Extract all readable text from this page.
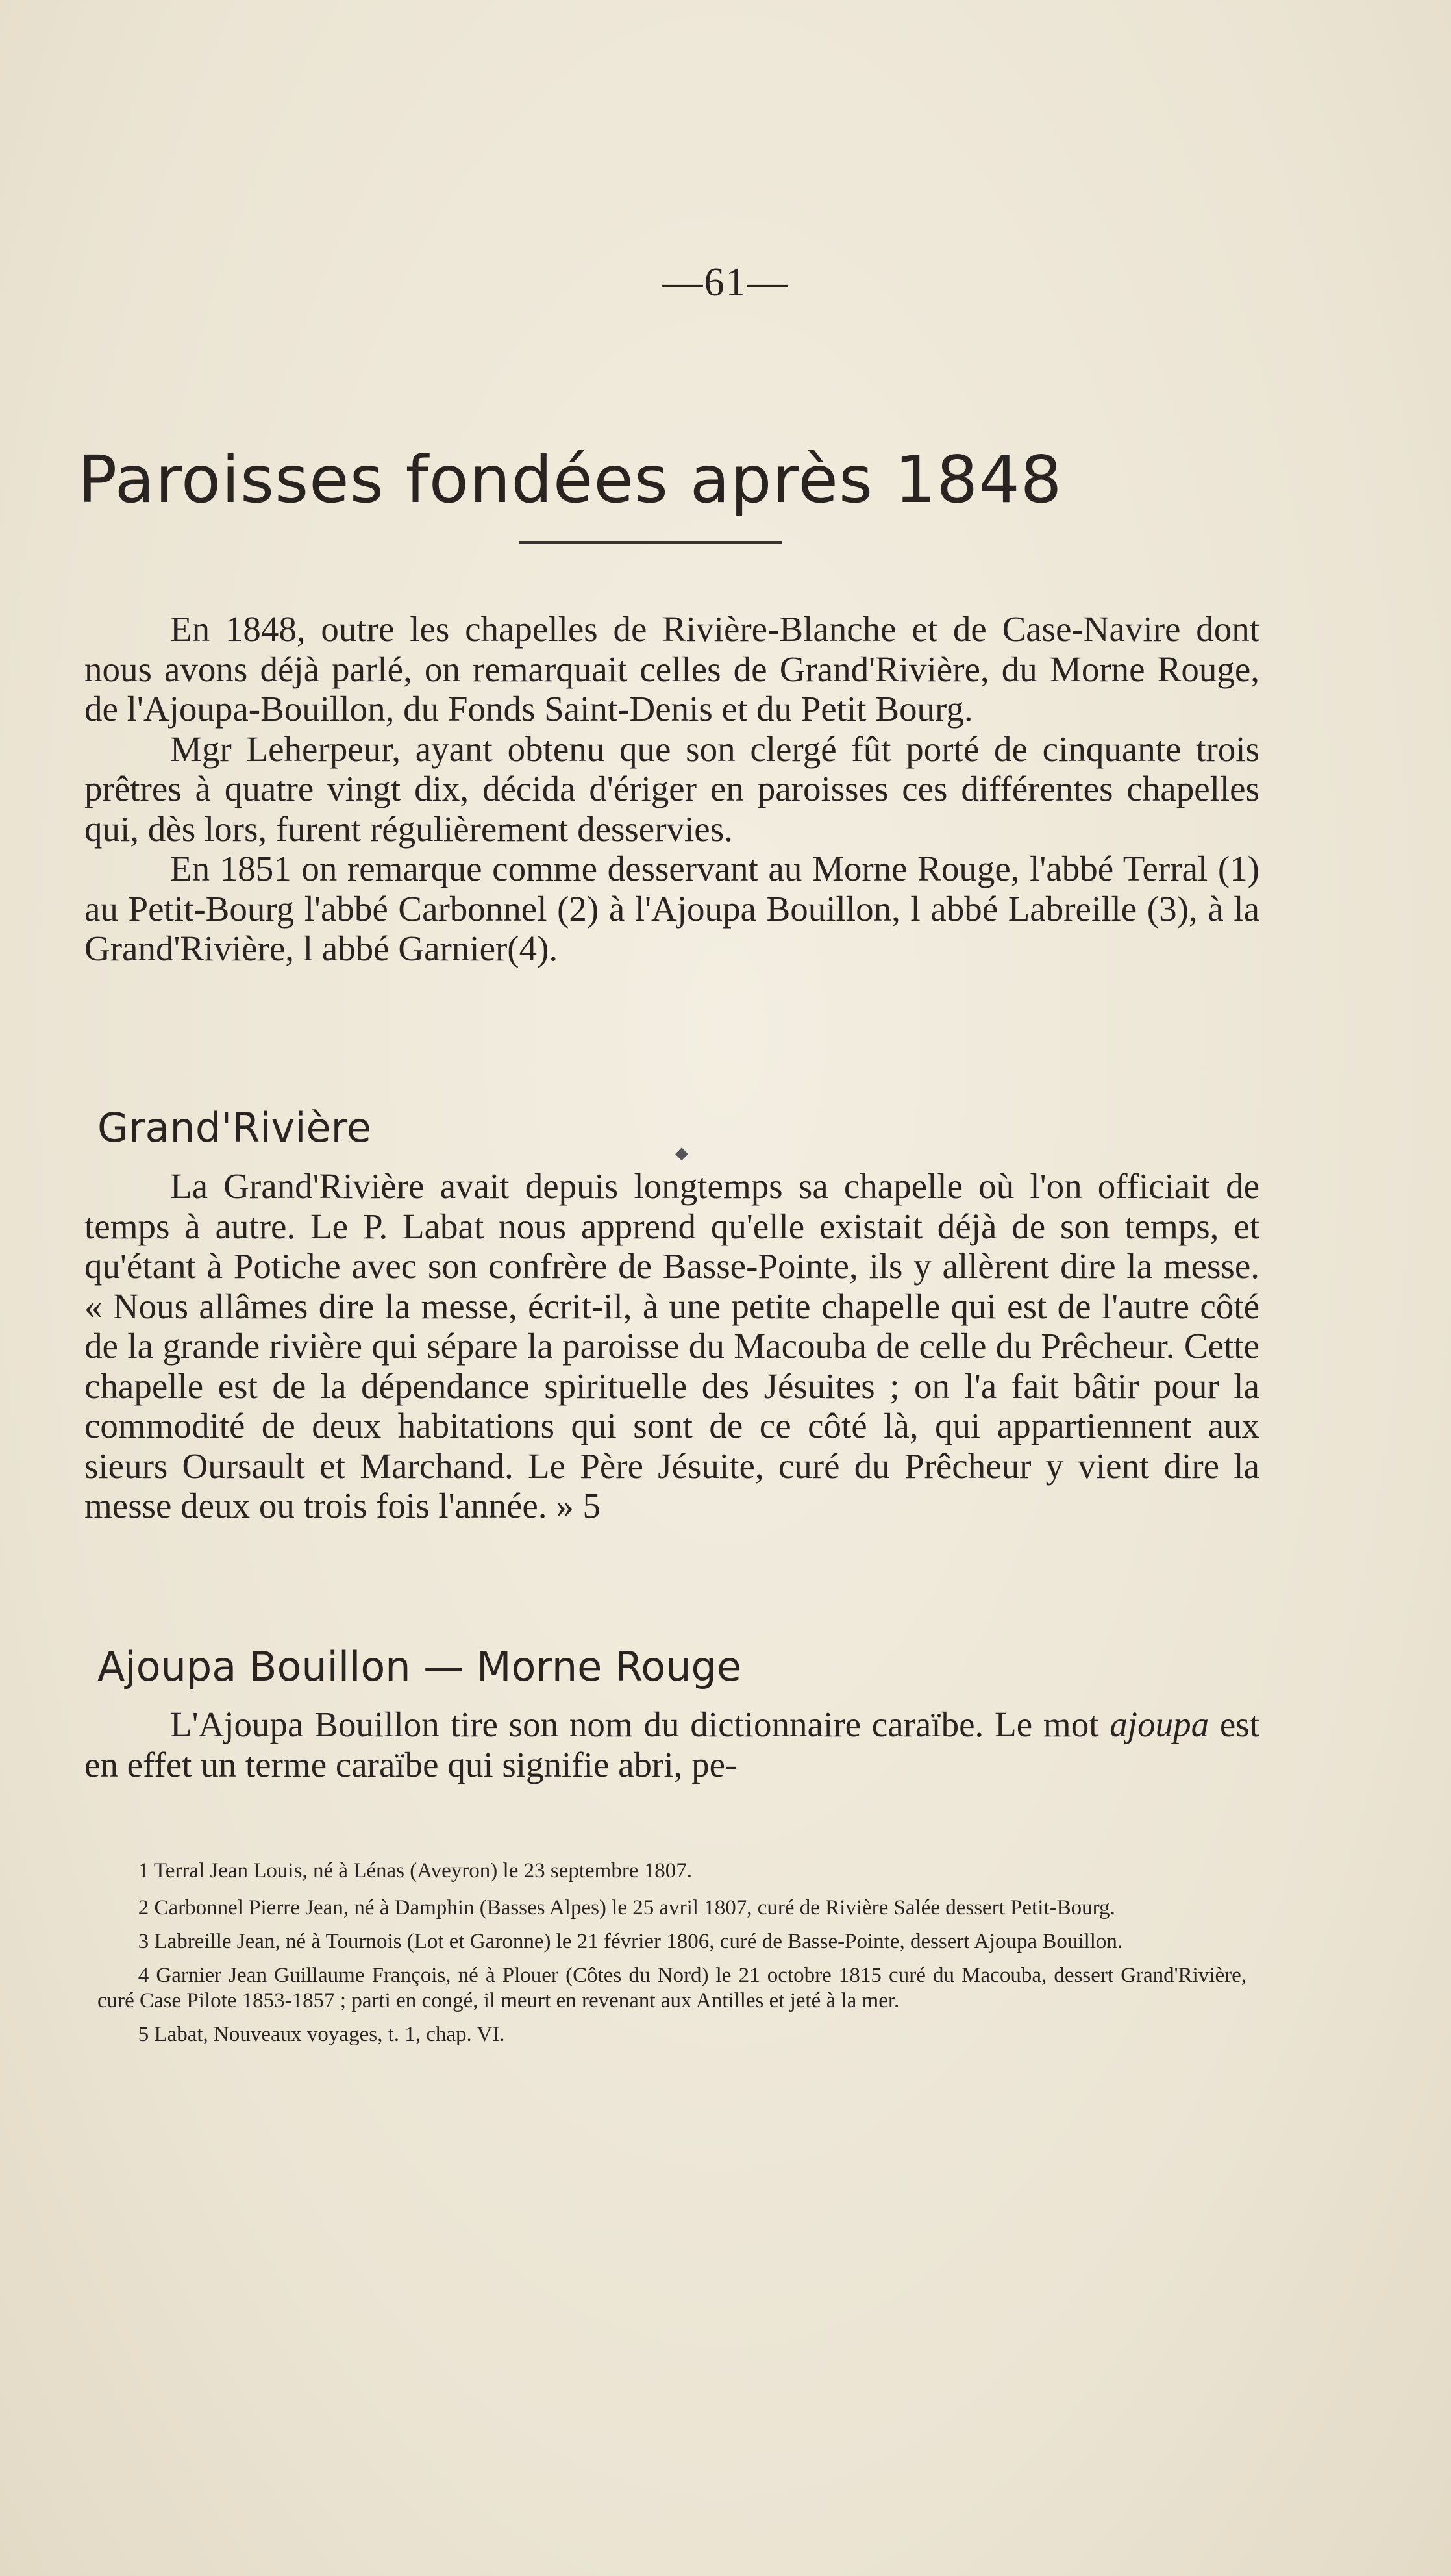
—61—
Paroisses fondées après 1848

En 1848, outre les chapelles de Rivière-Blanche et de Case-Navire dont nous avons déjà parlé, on remarquait celles de Grand'Rivière, du Morne Rouge, de l'Ajoupa-Bouillon, du Fonds Saint-Denis et du Petit Bourg.

Mgr Leherpeur, ayant obtenu que son clergé fût porté de cinquante trois prêtres à quatre vingt dix, décida d'ériger en paroisses ces différentes chapelles qui, dès lors, furent régulièrement desservies.

En 1851 on remarque comme desservant au Morne Rouge, l'abbé Terral (1) au Petit-Bourg l'abbé Carbonnel (2) à l'Ajoupa Bouillon, l abbé Labreille (3), à la Grand'Rivière, l abbé Garnier(4).

Grand'Rivière
◆

La Grand'Rivière avait depuis longtemps sa chapelle où l'on officiait de temps à autre. Le P. Labat nous apprend qu'elle existait déjà de son temps, et qu'étant à Potiche avec son confrère de Basse-Pointe, ils y allèrent dire la messe. « Nous allâmes dire la messe, écrit-il, à une petite chapelle qui est de l'autre côté de la grande rivière qui sépare la paroisse du Macouba de celle du Prêcheur. Cette chapelle est de la dépendance spirituelle des Jésuites ; on l'a fait bâtir pour la commodité de deux habitations qui sont de ce côté là, qui appartiennent aux sieurs Oursault et Marchand. Le Père Jésuite, curé du Prêcheur y vient dire la messe deux ou trois fois l'année. » 5

Ajoupa Bouillon — Morne Rouge

L'Ajoupa Bouillon tire son nom du dictionnaire caraïbe. Le mot ajoupa est en effet un terme caraïbe qui signifie abri, pe-

1 Terral Jean Louis, né à Lénas (Aveyron) le 23 septembre 1807.

2 Carbonnel Pierre Jean, né à Damphin (Basses Alpes) le 25 avril 1807, curé de Rivière Salée dessert Petit-Bourg.

3 Labreille Jean, né à Tournois (Lot et Garonne) le 21 février 1806, curé de Basse-Pointe, dessert Ajoupa Bouillon.

4 Garnier Jean Guillaume François, né à Plouer (Côtes du Nord) le 21 octobre 1815 curé du Macouba, dessert Grand'Rivière, curé Case Pilote 1853-1857 ; parti en congé, il meurt en revenant aux Antilles et jeté à la mer.

5 Labat, Nouveaux voyages, t. 1, chap. VI.
